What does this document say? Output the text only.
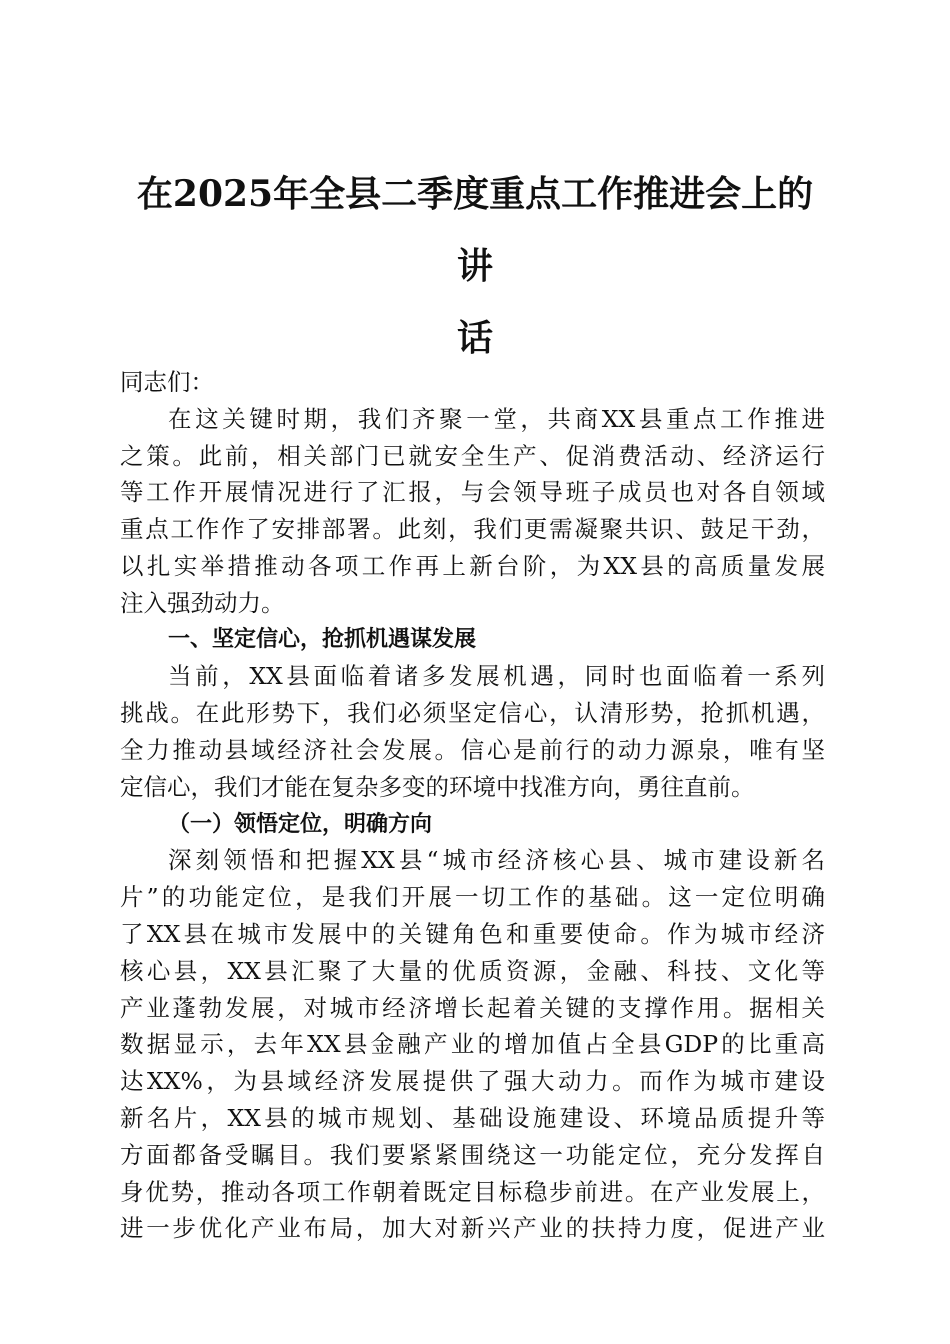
在2025年全县二季度重点工作推进会上的讲
话
同志们：
在这关键时期，我们齐聚一堂，共商XX县重点工作推进
之策。此前，相关部门已就安全生产、促消费活动、经济运行
等工作开展情况进行了汇报，与会领导班子成员也对各自领域
重点工作作了安排部署。此刻，我们更需凝聚共识、鼓足干劲，
以扎实举措推动各项工作再上新台阶，为XX县的高质量发展
注入强劲动力。
一、坚定信心，抢抓机遇谋发展
当前，XX县面临着诸多发展机遇，同时也面临着一系列
挑战。在此形势下，我们必须坚定信心，认清形势，抢抓机遇，
全力推动县域经济社会发展。信心是前行的动力源泉，唯有坚
定信心，我们才能在复杂多变的环境中找准方向，勇往直前。
（一）领悟定位，明确方向
深刻领悟和把握XX县“城市经济核心县、城市建设新名
片”的功能定位，是我们开展一切工作的基础。这一定位明确
了XX县在城市发展中的关键角色和重要使命。作为城市经济
核心县，XX县汇聚了大量的优质资源，金融、科技、文化等
产业蓬勃发展，对城市经济增长起着关键的支撑作用。据相关
数据显示，去年XX县金融产业的增加值占全县GDP的比重高
达XX%，为县域经济发展提供了强大动力。而作为城市建设
新名片，XX县的城市规划、基础设施建设、环境品质提升等
方面都备受瞩目。我们要紧紧围绕这一功能定位，充分发挥自
身优势，推动各项工作朝着既定目标稳步前进。在产业发展上，
进一步优化产业布局，加大对新兴产业的扶持力度，促进产业
